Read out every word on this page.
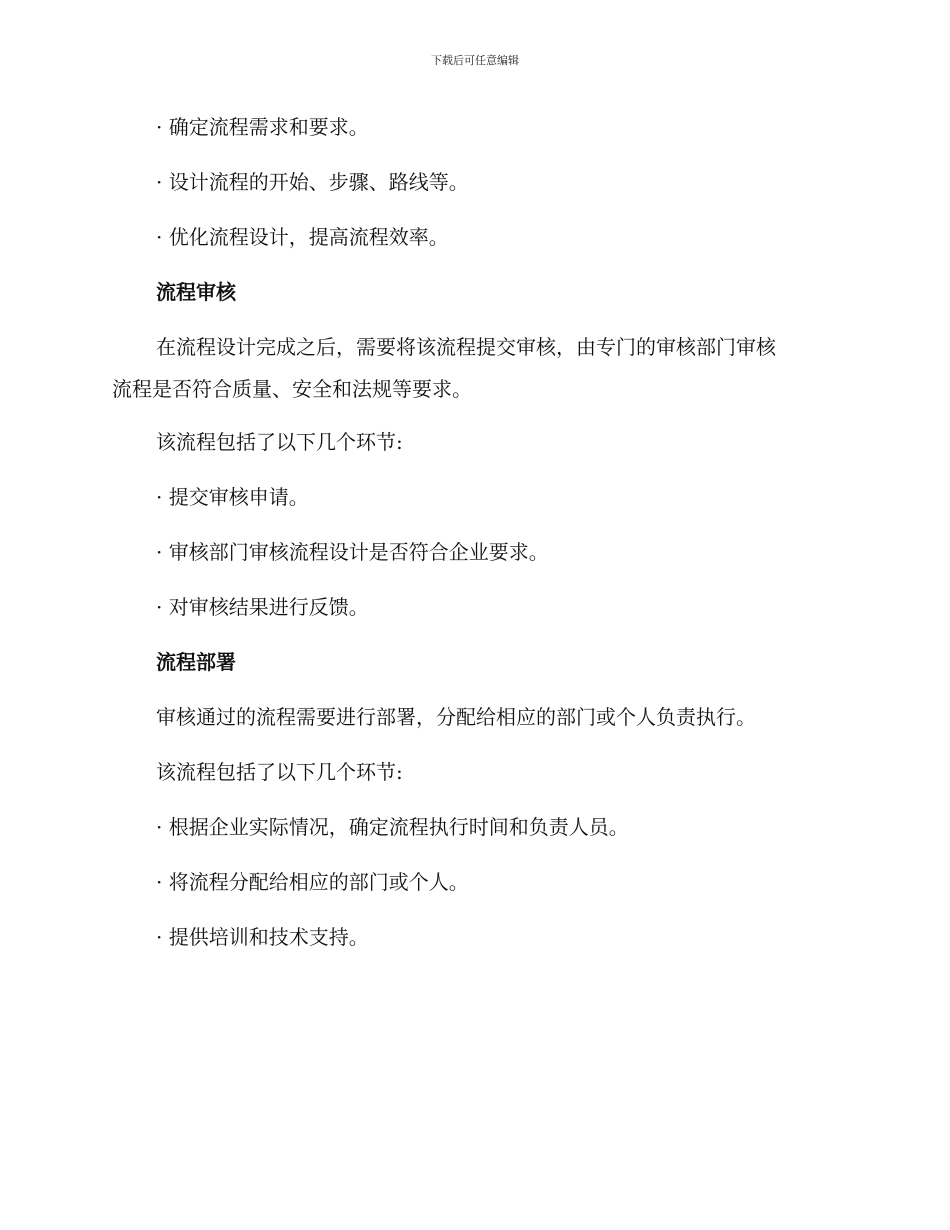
下载后可任意编辑
· 确定流程需求和要求。
· 设计流程的开始、步骤、路线等。
· 优化流程设计，提高流程效率。
流程审核
在流程设计完成之后，需要将该流程提交审核，由专门的审核部门审核
流程是否符合质量、安全和法规等要求。
该流程包括了以下几个环节:
· 提交审核申请。
· 审核部门审核流程设计是否符合企业要求。
· 对审核结果进行反馈。
流程部署
审核通过的流程需要进行部署，分配给相应的部门或个人负责执行。
该流程包括了以下几个环节:
· 根据企业实际情况，确定流程执行时间和负责人员。
· 将流程分配给相应的部门或个人。
· 提供培训和技术支持。
